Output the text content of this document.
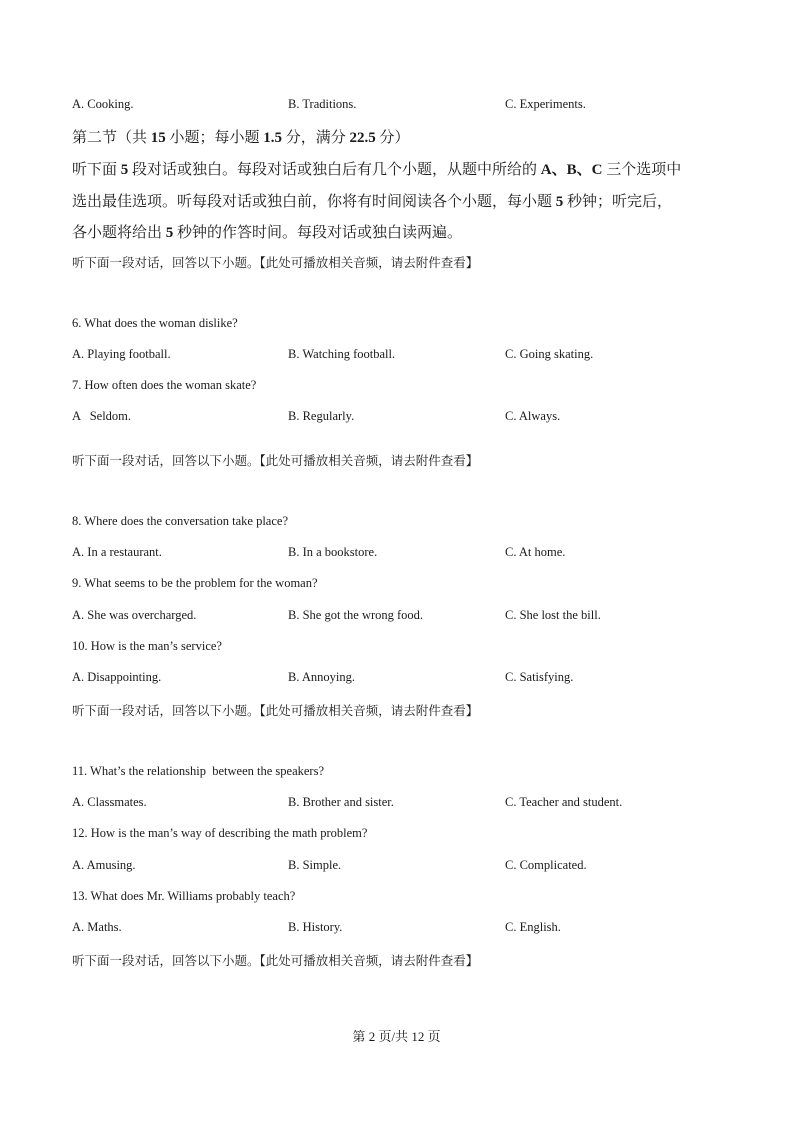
A. Cooking.	B. Traditions.	C. Experiments.
第二节（共 15 小题；每小题 1.5 分，满分 22.5 分）
听下面 5 段对话或独白。每段对话或独白后有几个小题，从题中所给的 A、B、C 三个选项中
选出最佳选项。听每段对话或独白前，你将有时间阅读各个小题，每小题 5 秒钟；听完后，
各小题将给出 5 秒钟的作答时间。每段对话或独白读两遍。
听下面一段对话，回答以下小题。【此处可播放相关音频，请去附件查看】
6. What does the woman dislike?
A. Playing football.	B. Watching football.	C. Going skating.
7. How often does the woman skate?
A   Seldom.	B. Regularly.	C. Always.
听下面一段对话，回答以下小题。【此处可播放相关音频，请去附件查看】
8. Where does the conversation take place?
A. In a restaurant.	B. In a bookstore.	C. At home.
9. What seems to be the problem for the woman?
A. She was overcharged.	B. She got the wrong food.	C. She lost the bill.
10. How is the man’s service?
A. Disappointing.	B. Annoying.	C. Satisfying.
听下面一段对话，回答以下小题。【此处可播放相关音频，请去附件查看】
11. What’s the relationship  between the speakers?
A. Classmates.	B. Brother and sister.	C. Teacher and student.
12. How is the man’s way of describing the math problem?
A. Amusing.	B. Simple.	C. Complicated.
13. What does Mr. Williams probably teach?
A. Maths.	B. History.	C. English.
听下面一段对话，回答以下小题。【此处可播放相关音频，请去附件查看】
第 2 页/共 12 页
